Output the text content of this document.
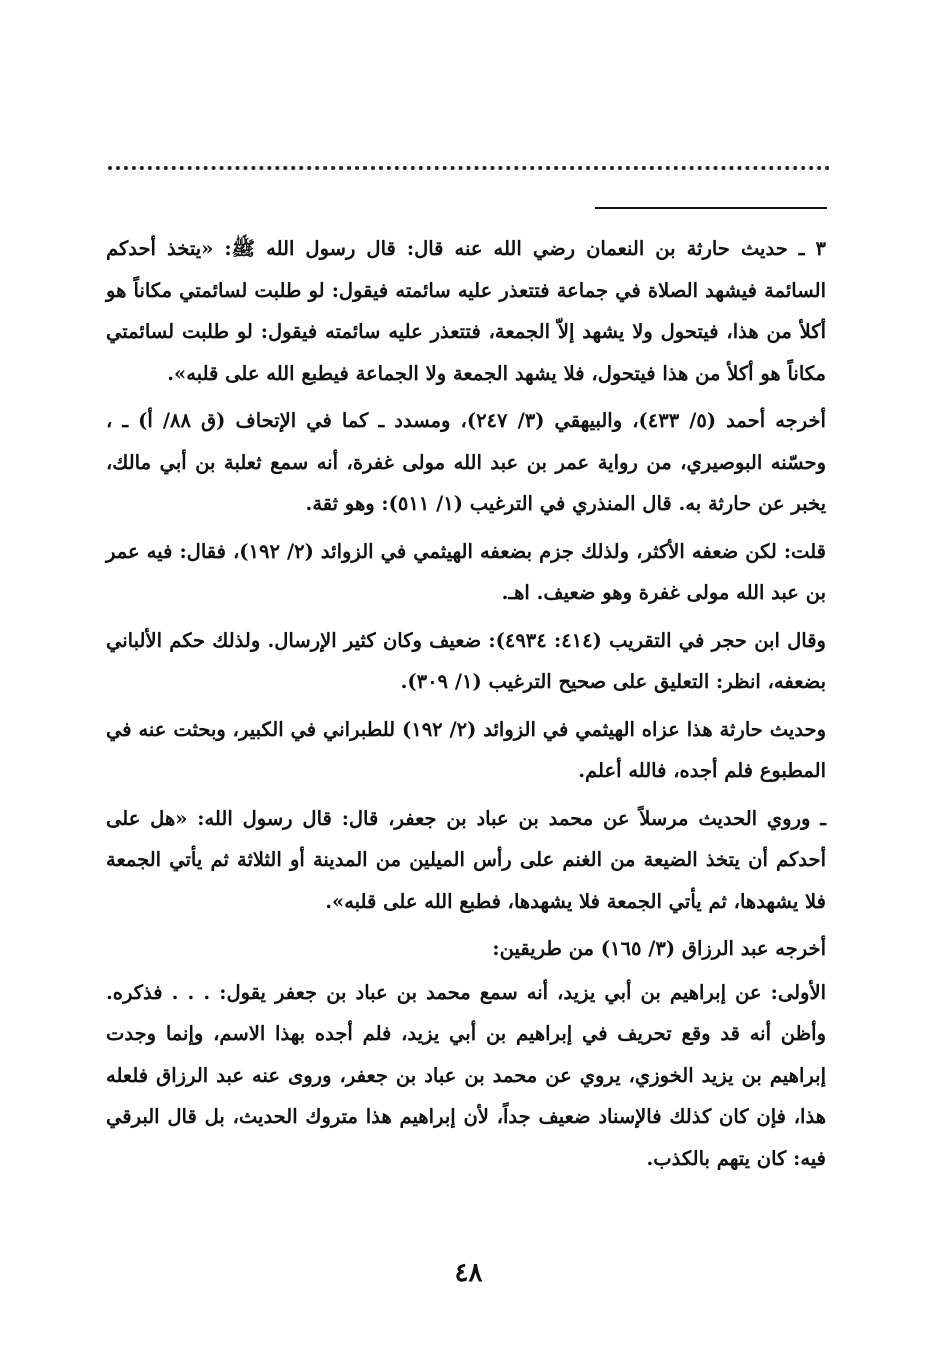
٣ ـ حديث حارثة بن النعمان رضي الله عنه قال: قال رسول الله ﷺ: «يتخذ أحدكم السائمة فيشهد الصلاة في جماعة فتتعذر عليه سائمته فيقول: لو طلبت لسائمتي مكاناً هو أكلأ من هذا، فيتحول ولا يشهد إلاّ الجمعة، فتتعذر عليه سائمته فيقول: لو طلبت لسائمتي مكاناً هو أكلأ من هذا فيتحول، فلا يشهد الجمعة ولا الجماعة فيطبع الله على قلبه».

أخرجه أحمد (٥/ ٤٣٣)، والبيهقي (٣/ ٢٤٧)، ومسدد ـ كما في الإتحاف (ق ٨٨/ أ) ـ ، وحسّنه البوصيري، من رواية عمر بن عبد الله مولى غفرة، أنه سمع ثعلبة بن أبي مالك، يخبر عن حارثة به. قال المنذري في الترغيب (١/ ٥١١): وهو ثقة.

قلت: لكن ضعفه الأكثر، ولذلك جزم بضعفه الهيثمي في الزوائد (٢/ ١٩٢)، فقال: فيه عمر بن عبد الله مولى غفرة وهو ضعيف. اهـ.

وقال ابن حجر في التقريب (٤١٤: ٤٩٣٤): ضعيف وكان كثير الإرسال. ولذلك حكم الألباني بضعفه، انظر: التعليق على صحيح الترغيب (١/ ٣٠٩).

وحديث حارثة هذا عزاه الهيثمي في الزوائد (٢/ ١٩٢) للطبراني في الكبير، وبحثت عنه في المطبوع فلم أجده، فالله أعلم.

ـ وروي الحديث مرسلاً عن محمد بن عباد بن جعفر، قال: قال رسول الله: «هل على أحدكم أن يتخذ الضيعة من الغنم على رأس الميلين من المدينة أو الثلاثة ثم يأتي الجمعة فلا يشهدها، ثم يأتي الجمعة فلا يشهدها، فطبع الله على قلبه».

أخرجه عبد الرزاق (٣/ ١٦٥) من طريقين:

الأولى: عن إبراهيم بن أبي يزيد، أنه سمع محمد بن عباد بن جعفر يقول: . . . فذكره. وأظن أنه قد وقع تحريف في إبراهيم بن أبي يزيد، فلم أجده بهذا الاسم، وإنما وجدت إبراهيم بن يزيد الخوزي، يروي عن محمد بن عباد بن جعفر، وروى عنه عبد الرزاق فلعله هذا، فإن كان كذلك فالإسناد ضعيف جداً، لأن إبراهيم هذا متروك الحديث، بل قال البرقي فيه: كان يتهم بالكذب.

٤٨
